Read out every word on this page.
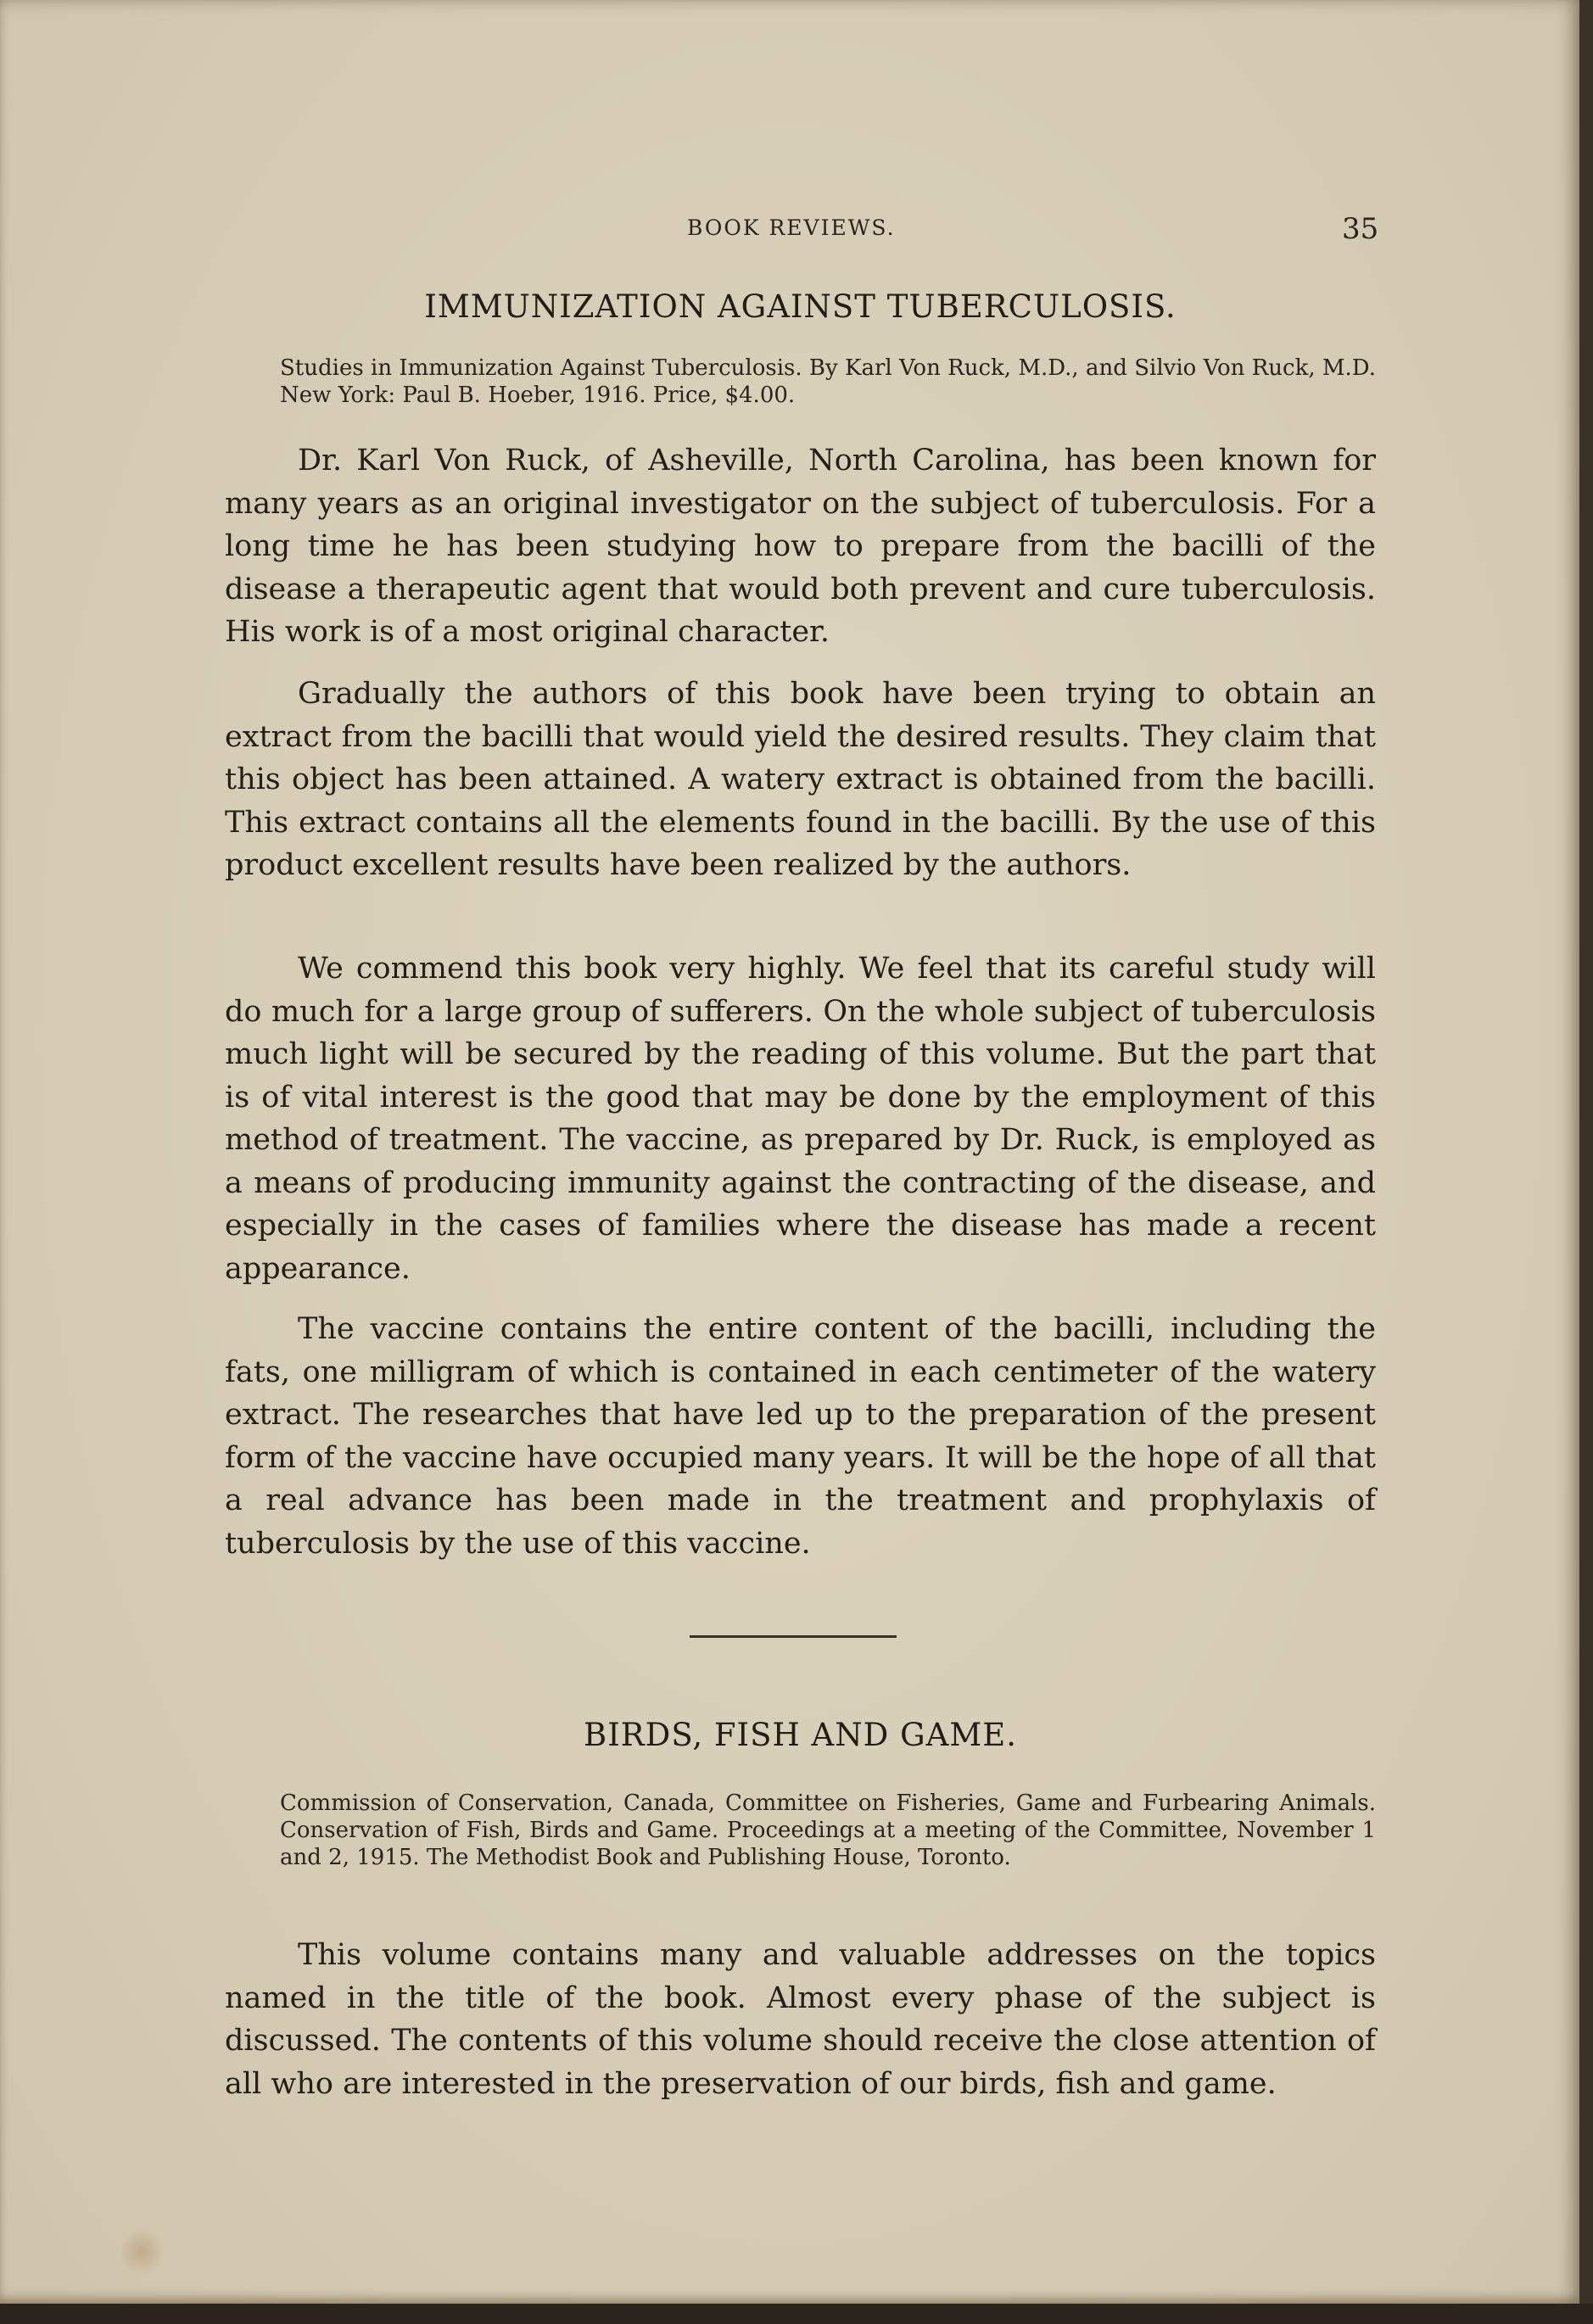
BOOK REVIEWS.	35
IMMUNIZATION AGAINST TUBERCULOSIS.

Studies in Immunization Against Tuberculosis. By Karl Von Ruck, M.D., and Silvio Von Ruck, M.D. New York: Paul B. Hoeber, 1916. Price, $4.00.

Dr. Karl Von Ruck, of Asheville, North Carolina, has been known for many years as an original investigator on the subject of tuberculosis. For a long time he has been studying how to prepare from the bacilli of the disease a therapeutic agent that would both prevent and cure tuberculosis. His work is of a most original character.

Gradually the authors of this book have been trying to obtain an extract from the bacilli that would yield the desired results. They claim that this object has been attained. A watery extract is obtained from the bacilli. This extract contains all the elements found in the bacilli. By the use of this product excellent results have been realized by the authors.

We commend this book very highly. We feel that its careful study will do much for a large group of sufferers. On the whole subject of tuberculosis much light will be secured by the reading of this volume. But the part that is of vital interest is the good that may be done by the employment of this method of treatment. The vaccine, as prepared by Dr. Ruck, is employed as a means of producing immunity against the contracting of the disease, and especially in the cases of families where the disease has made a recent appearance.

The vaccine contains the entire content of the bacilli, including the fats, one milligram of which is contained in each centimeter of the watery extract. The researches that have led up to the preparation of the present form of the vaccine have occupied many years. It will be the hope of all that a real advance has been made in the treatment and prophylaxis of tuberculosis by the use of this vaccine.

BIRDS, FISH AND GAME.

Commission of Conservation, Canada, Committee on Fisheries, Game and Furbearing Animals. Conservation of Fish, Birds and Game. Proceedings at a meeting of the Committee, November 1 and 2, 1915. The Methodist Book and Publishing House, Toronto.

This volume contains many and valuable addresses on the topics named in the title of the book. Almost every phase of the subject is discussed. The contents of this volume should receive the close attention of all who are interested in the preservation of our birds, fish and game.
